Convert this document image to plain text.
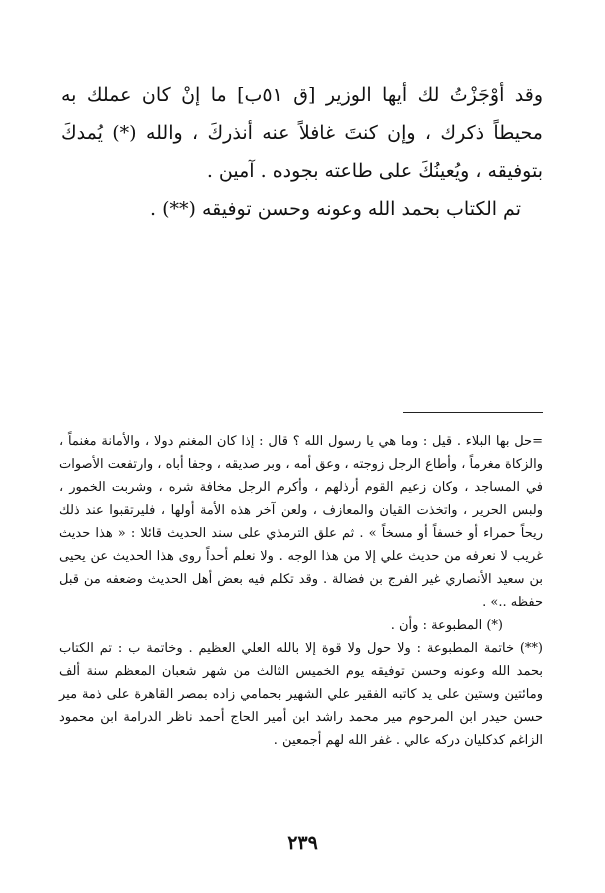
وقد أوْجَزْتُ لك أيها الوزير [ق ٥١ب] ما إنْ كان عملك به محيطاً ذكرك ، وإن كنتَ غافلاً عنه أنذركَ ، والله (*) يُمدكَ بتوفيقه ، ويُعينُكَ على طاعته بجوده . آمين .

تم الكتاب بحمد الله وعونه وحسن توفيقه (**) .

=حل بها البلاء . قيل : وما هي يا رسول الله ؟ قال : إذا كان المغنم دولا ، والأمانة مغنماً ، والزكاة مغرماً ، وأطاع الرجل زوجته ، وعق أمه ، وبر صديقه ، وجفا أباه ، وارتفعت الأصوات في المساجد ، وكان زعيم القوم أرذلهم ، وأكرم الرجل مخافة شره ، وشربت الخمور ، ولبس الحرير ، واتخذت القيان والمعازف ، ولعن آخر هذه الأمة أولها ، فليرتقبوا عند ذلك ريحاً حمراء أو خسفاً أو مسخاً » . ثم علق الترمذي على سند الحديث قائلا : « هذا حديث غريب لا نعرفه من حديث علي إلا من هذا الوجه . ولا نعلم أحداً روى هذا الحديث عن يحيى بن سعيد الأنصاري غير الفرج بن فضالة . وقد تكلم فيه بعض أهل الحديث وضعفه من قبل حفظه ..» .

(*) المطبوعة : وأن .

(**) خاتمة المطبوعة : ولا حول ولا قوة إلا بالله العلي العظيم . وخاتمة ب : تم الكتاب بحمد الله وعونه وحسن توفيقه يوم الخميس الثالث من شهر شعبان المعظم سنة ألف ومائتين وستين على يد كاتبه الفقير علي الشهير بحمامي زاده بمصر القاهرة على ذمة مير حسن حيدر ابن المرحوم مير محمد راشد ابن أمير الحاج أحمد ناظر الدرامة ابن محمود الزاغم كدكليان دركه عالي . غفر الله لهم أجمعين .

٢٣٩
